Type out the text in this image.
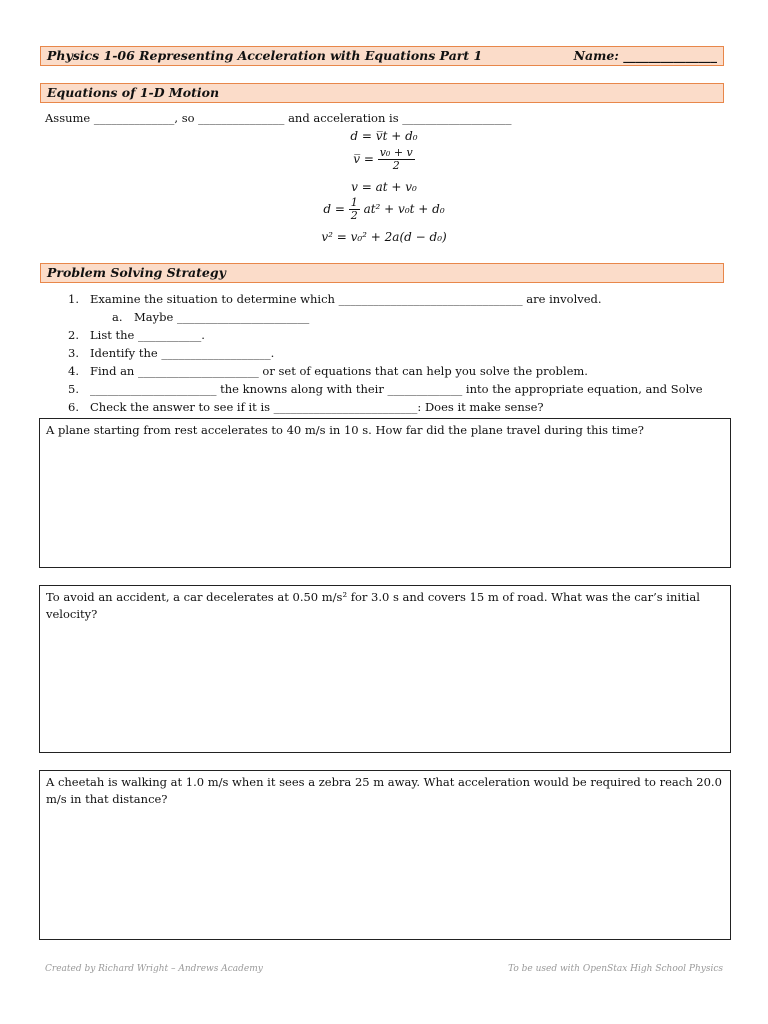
Physics 1-06 Representing Acceleration with Equations Part 1	Name: _______________
Equations of 1-D Motion
Assume ______________, so _______________ and acceleration is ___________________
d = v̅t + d₀
v̅ = $\frac{\text{v₀ + v}}{2}$
v = at + v₀
$d = \frac{1}{2} at^2 + v_0t + d_0$
v² = v₀² + 2a(d − d₀)
Problem Solving Strategy
1. Examine the situation to determine which ________________________________ are involved.
a. Maybe _______________________
2. List the ___________.
3. Identify the ___________________.
4. Find an _____________________ or set of equations that can help you solve the problem.
5. ______________________ the knowns along with their _____________ into the appropriate equation, and Solve
6. Check the answer to see if it is _________________________: Does it make sense?
A plane starting from rest accelerates to 40 m/s in 10 s. How far did the plane travel during this time?
To avoid an accident, a car decelerates at 0.50 m/s² for 3.0 s and covers 15 m of road. What was the car’s initial velocity?
A cheetah is walking at 1.0 m/s when it sees a zebra 25 m away. What acceleration would be required to reach 20.0 m/s in that distance?
Created by Richard Wright – Andrews Academy	To be used with OpenStax High School Physics
